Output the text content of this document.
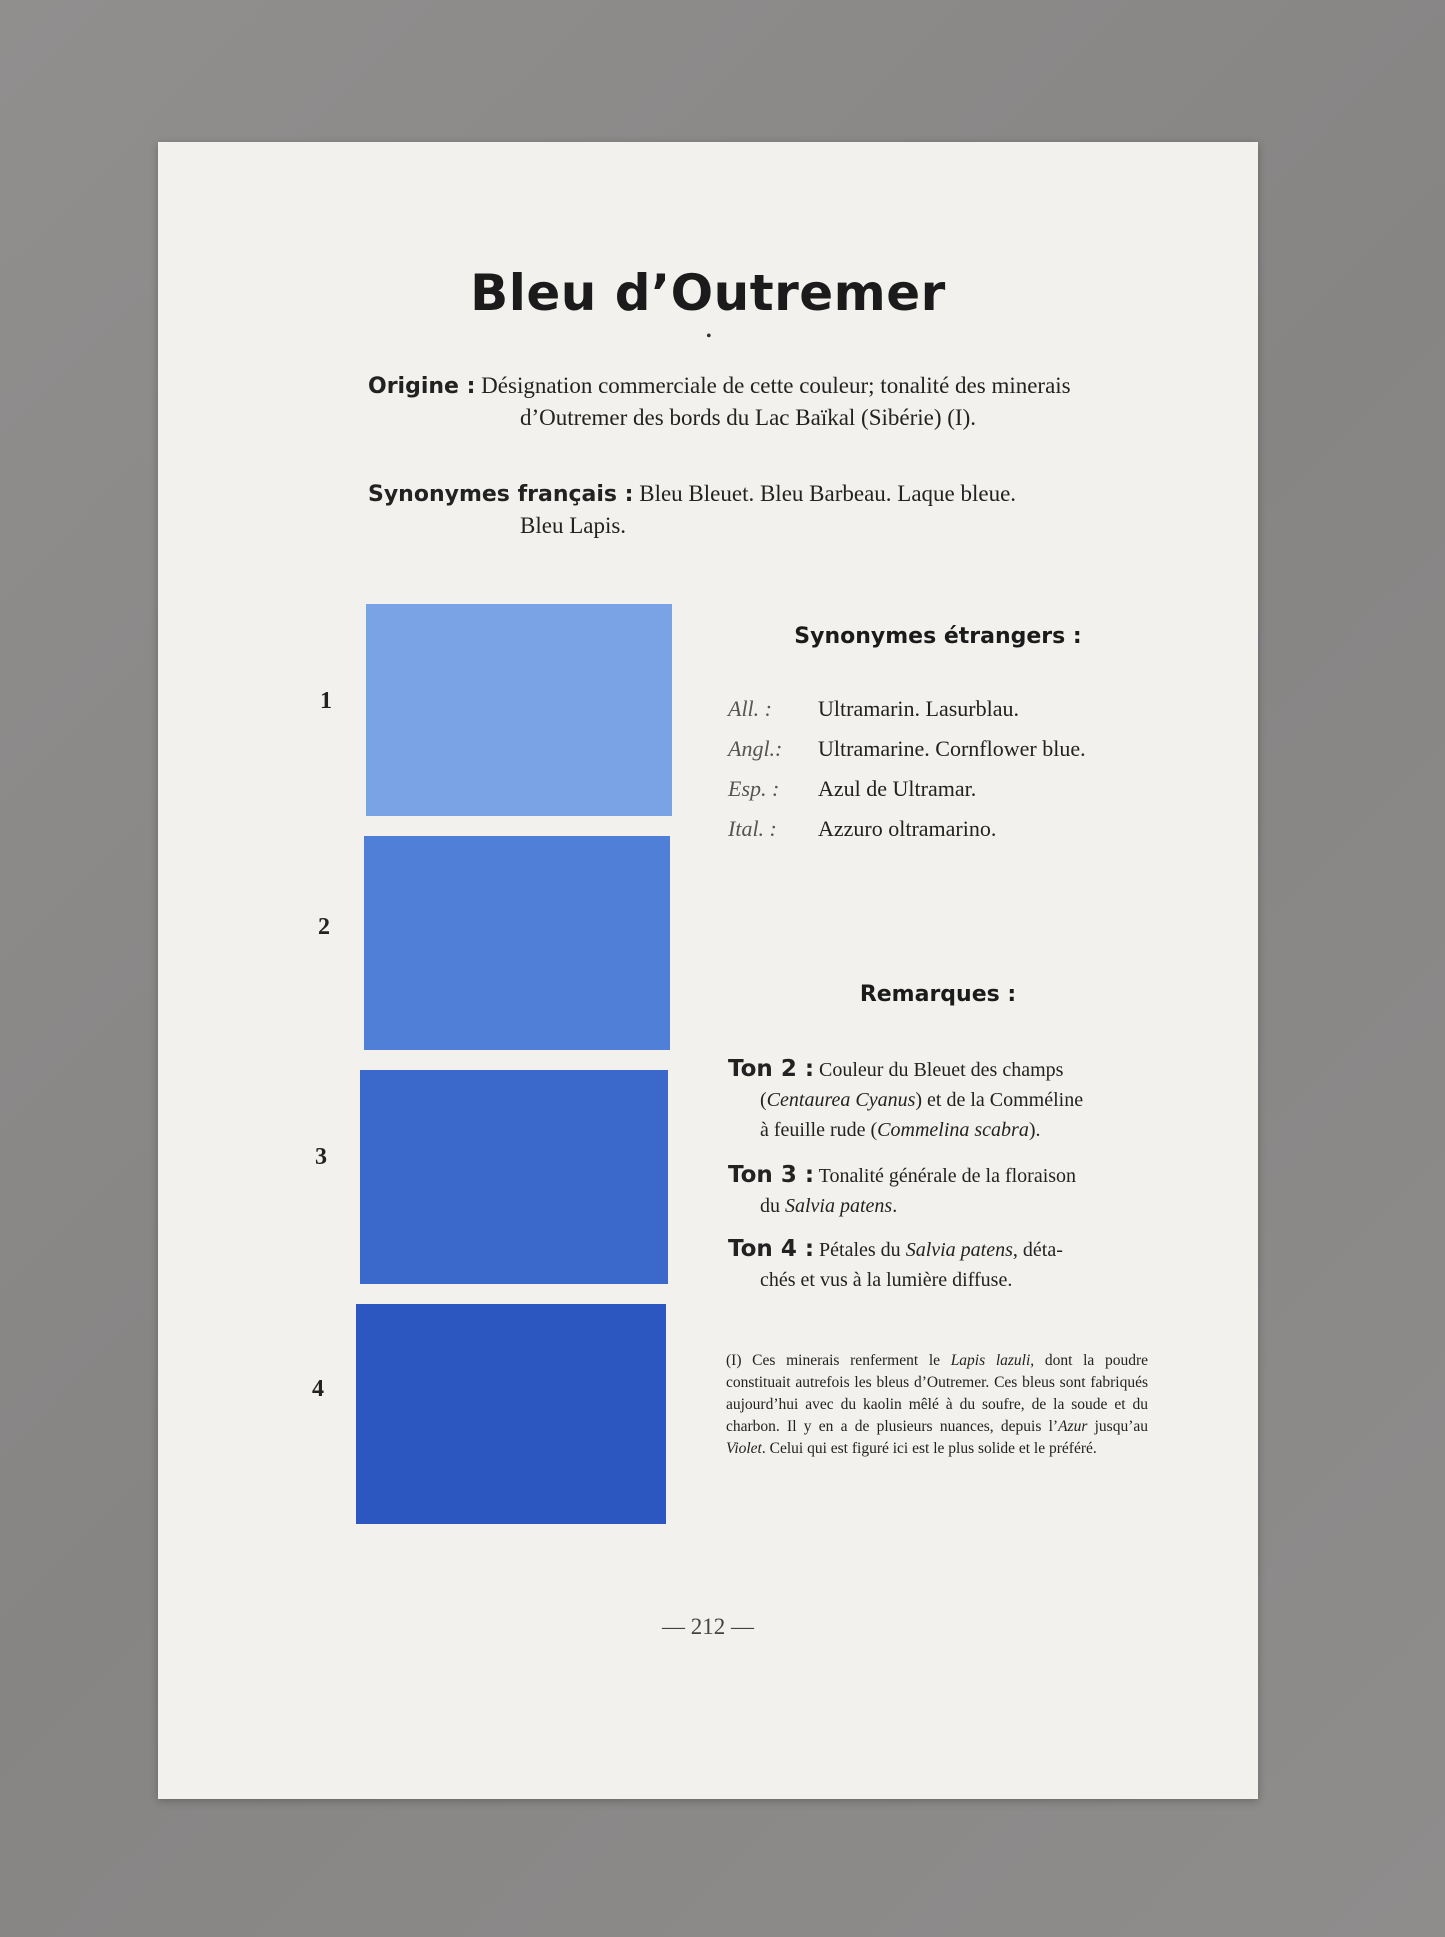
Bleu d’Outremer
•
Origine : Désignation commerciale de cette couleur; tonalité des minerais
d’Outremer des bords du Lac Baïkal (Sibérie) (I).
Synonymes français : Bleu Bleuet. Bleu Barbeau. Laque bleue.
Bleu Lapis.
1
2
3
4
Synonymes étrangers :
All. : Ultramarin. Lasurblau.
Angl.: Ultramarine. Cornflower blue.
Esp. : Azul de Ultramar.
Ital. : Azzuro oltramarino.
Remarques :
Ton 2 : Couleur du Bleuet des champs
(Centaurea Cyanus) et de la Comméline
à feuille rude (Commelina scabra).
Ton 3 : Tonalité générale de la floraison
du Salvia patens.
Ton 4 : Pétales du Salvia patens, déta-
chés et vus à la lumière diffuse.
(I) Ces minerais renferment le Lapis lazuli, dont la poudre constituait autrefois les bleus d’Outremer. Ces bleus sont fabriqués aujourd’hui avec du kaolin mêlé à du soufre, de la soude et du charbon. Il y en a de plusieurs nuances, depuis l’Azur jusqu’au Violet. Celui qui est figuré ici est le plus solide et le préféré.
— 212 —
